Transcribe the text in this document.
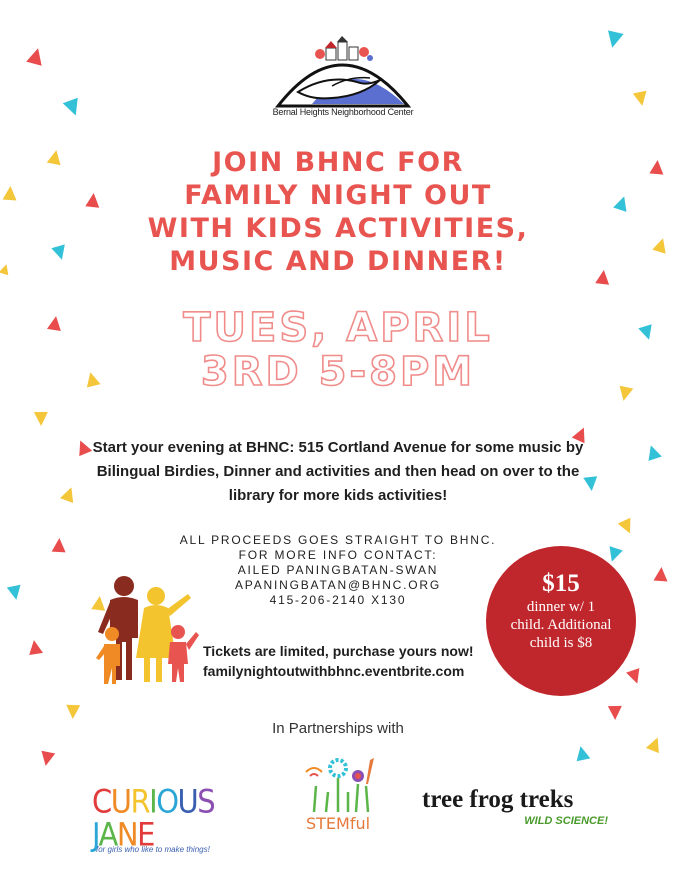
Bernal Heights Neighborhood Center
JOIN BHNC FOR
FAMILY NIGHT OUT
WITH KIDS ACTIVITIES,
MUSIC AND DINNER!
TUES, APRIL
3RD 5-8PM
Start your evening at BHNC: 515 Cortland Avenue for some music by Bilingual Birdies, Dinner and activities and then head on over to the library for more kids activities!
ALL PROCEEDS GOES STRAIGHT TO BHNC.
FOR MORE INFO CONTACT:
AILED PANINGBATAN-SWAN
APANINGBATAN@BHNC.ORG
415-206-2140 X130
$15
dinner w/ 1 child. Additional child is $8
Tickets are limited, purchase yours now!
familynightoutwithbhnc.eventbrite.com
In Partnerships with
CURIOUSJANE
for girls who like to make things!
STEMful
tree frog treks
WILD SCIENCE!
